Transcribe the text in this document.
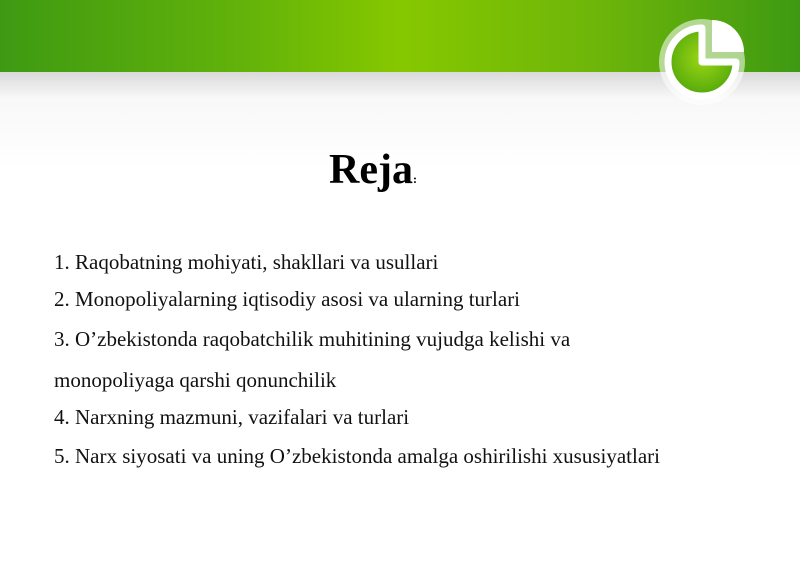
Reja:
1. Raqobatning mohiyati, shakllari va usullari
2. Monopoliyalarning iqtisodiy asosi va ularning turlari
3. O’zbekistonda raqobatchilik muhitining vujudga kelishi va
monopoliyaga qarshi qonunchilik
4. Narxning mazmuni, vazifalari va turlari
5. Narx siyosati va uning O’zbekistonda amalga oshirilishi xususiyatlari
